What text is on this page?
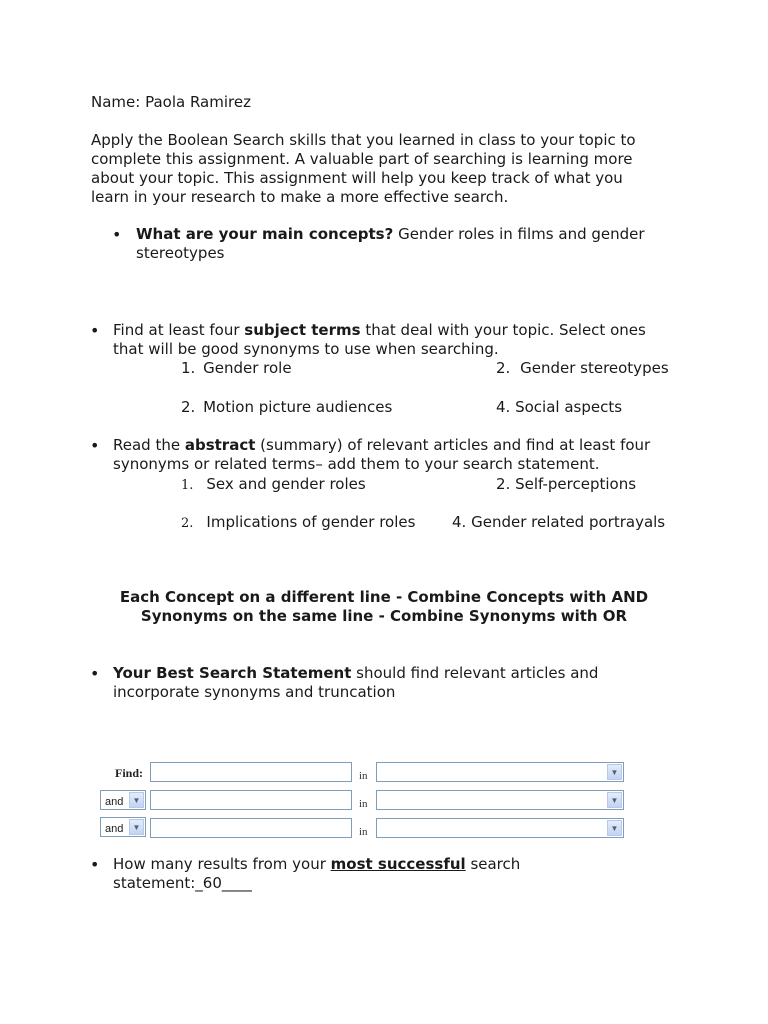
Name: Paola Ramirez
Apply the Boolean Search skills that you learned in class to your topic to
complete this assignment. A valuable part of searching is learning more
about your topic. This assignment will help you keep track of what you
learn in your research to make a more effective search.
• What are your main concepts? Gender roles in films and gender
stereotypes
• Find at least four subject terms that deal with your topic. Select ones
that will be good synonyms to use when searching.
1. Gender role	2. Gender stereotypes
2. Motion picture audiences	4. Social aspects
• Read the abstract (summary) of relevant articles and find at least four
synonyms or related terms– add them to your search statement.
1. Sex and gender roles	2. Self-perceptions
2. Implications of gender roles 4. Gender related portrayals
Each Concept on a different line - Combine Concepts with AND
Synonyms on the same line - Combine Synonyms with OR
• Your Best Search Statement should find relevant articles and
incorporate synonyms and truncation
Find:	in	▼
and	▼	in	▼
and	▼	in	▼
• How many results from your most successful search
statement:_60____
